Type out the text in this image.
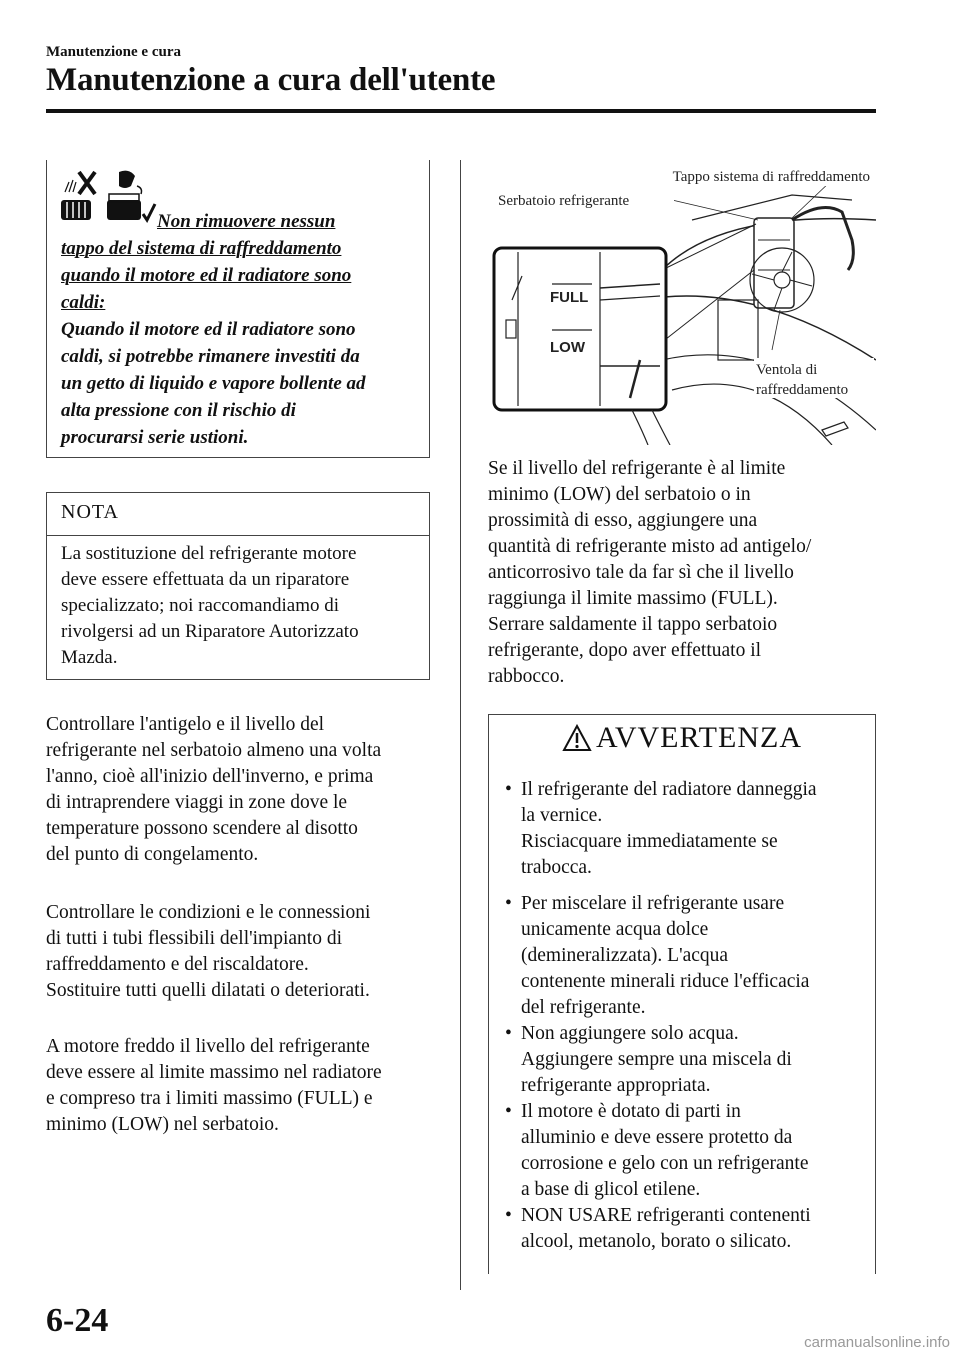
Manutenzione e cura
Manutenzione a cura dell'utente
Non rimuovere nessun
tappo del sistema di raffreddamento
quando il motore ed il radiatore sono
caldi:
Quando il motore ed il radiatore sono
caldi, si potrebbe rimanere investiti da
un getto di liquido e vapore bollente ad
alta pressione con il rischio di
procurarsi serie ustioni.
NOTA
La sostituzione del refrigerante motore
deve essere effettuata da un riparatore
specializzato; noi raccomandiamo di
rivolgersi ad un Riparatore Autorizzato
Mazda.
Controllare l'antigelo e il livello del
refrigerante nel serbatoio almeno una volta
l'anno, cioè all'inizio dell'inverno, e prima
di intraprendere viaggi in zone dove le
temperature possono scendere al disotto
del punto di congelamento.
Controllare le condizioni e le connessioni
di tutti i tubi flessibili dell'impianto di
raffreddamento e del riscaldatore.
Sostituire tutti quelli dilatati o deteriorati.
A motore freddo il livello del refrigerante
deve essere al limite massimo nel radiatore
e compreso tra i limiti massimo (FULL) e
minimo (LOW) nel serbatoio.
FULL
LOW
Tappo sistema di raffreddamento
Serbatoio refrigerante
Ventola di
raffreddamento
Se il livello del refrigerante è al limite
minimo (LOW) del serbatoio o in
prossimità di esso, aggiungere una
quantità di refrigerante misto ad antigelo/
anticorrosivo tale da far sì che il livello
raggiunga il limite massimo (FULL).
Serrare saldamente il tappo serbatoio
refrigerante, dopo aver effettuato il
rabbocco.
AVVERTENZA
• Il refrigerante del radiatore danneggia
la vernice.
Risciacquare immediatamente se
trabocca.
• Per miscelare il refrigerante usare
unicamente acqua dolce
(demineralizzata). L'acqua
contenente minerali riduce l'efficacia
del refrigerante.
• Non aggiungere solo acqua.
Aggiungere sempre una miscela di
refrigerante appropriata.
• Il motore è dotato di parti in
alluminio e deve essere protetto da
corrosione e gelo con un refrigerante
a base di glicol etilene.
• NON USARE refrigeranti contenenti
alcool, metanolo, borato o silicato.
6-24
carmanualsonline.info
